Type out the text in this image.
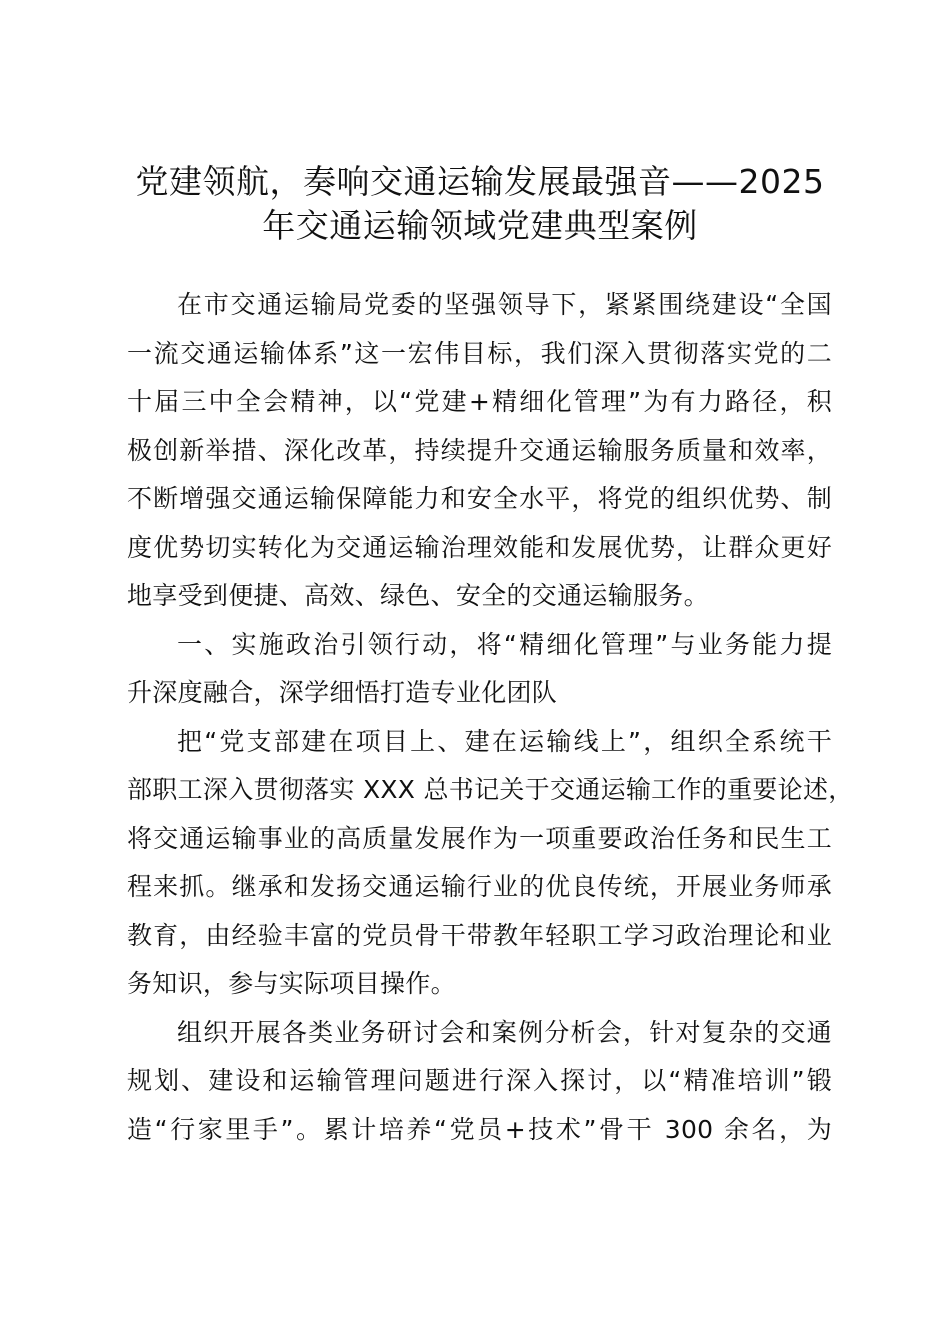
党建领航，奏响交通运输发展最强音——2025
年交通运输领域党建典型案例
在市交通运输局党委的坚强领导下，紧紧围绕建设“全国
一流交通运输体系”这一宏伟目标，我们深入贯彻落实党的二
十届三中全会精神，以“党建+精细化管理”为有力路径，积
极创新举措、深化改革，持续提升交通运输服务质量和效率，
不断增强交通运输保障能力和安全水平，将党的组织优势、制
度优势切实转化为交通运输治理效能和发展优势，让群众更好
地享受到便捷、高效、绿色、安全的交通运输服务。
一、实施政治引领行动，将“精细化管理”与业务能力提
升深度融合，深学细悟打造专业化团队
把“党支部建在项目上、建在运输线上”，组织全系统干
部职工深入贯彻落实 XXX 总书记关于交通运输工作的重要论述，
将交通运输事业的高质量发展作为一项重要政治任务和民生工
程来抓。继承和发扬交通运输行业的优良传统，开展业务师承
教育，由经验丰富的党员骨干带教年轻职工学习政治理论和业
务知识，参与实际项目操作。
组织开展各类业务研讨会和案例分析会，针对复杂的交通
规划、建设和运输管理问题进行深入探讨，以“精准培训”锻
造“行家里手”。累计培养“党员+技术”骨干 300 余名，为
